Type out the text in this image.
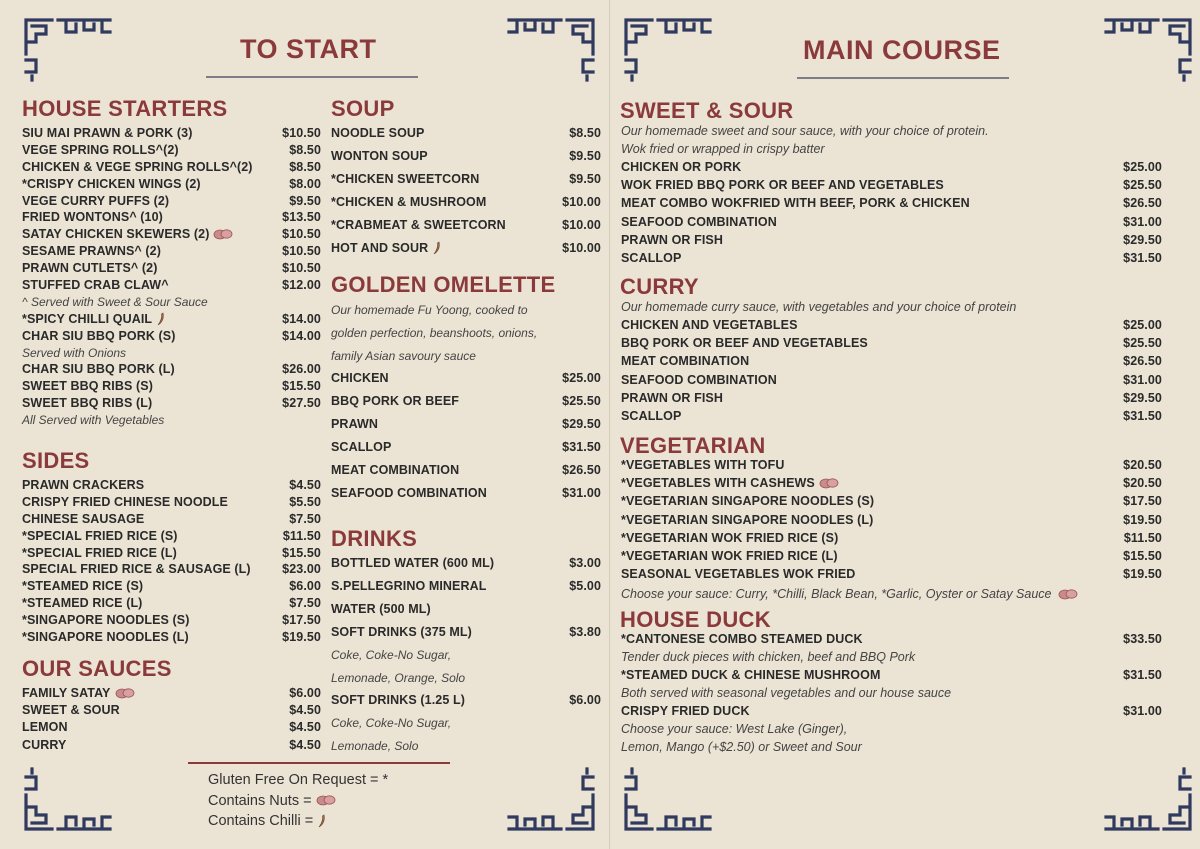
TO START
HOUSE STARTERS
SIU MAI PRAWN & PORK (3)	$10.50
VEGE SPRING ROLLS^(2)	$8.50
CHICKEN & VEGE SPRING ROLLS^(2)	$8.50
*CRISPY CHICKEN WINGS (2)	$8.00
VEGE CURRY PUFFS (2)	$9.50
FRIED WONTONS^ (10)	$13.50
SATAY CHICKEN SKEWERS (2)	$10.50
SESAME PRAWNS^ (2)	$10.50
PRAWN CUTLETS^ (2)	$10.50
STUFFED CRAB CLAW^	$12.00
^ Served with Sweet & Sour Sauce
*SPICY CHILLI QUAIL	$14.00
CHAR SIU BBQ PORK (S)	$14.00
Served with Onions
CHAR SIU BBQ PORK (L)	$26.00
SWEET BBQ RIBS (S)	$15.50
SWEET BBQ RIBS (L)	$27.50
All Served with Vegetables
SIDES
PRAWN CRACKERS	$4.50
CRISPY FRIED CHINESE NOODLE	$5.50
CHINESE SAUSAGE	$7.50
*SPECIAL FRIED RICE (S)	$11.50
*SPECIAL FRIED RICE (L)	$15.50
SPECIAL FRIED RICE & SAUSAGE (L)	$23.00
*STEAMED RICE (S)	$6.00
*STEAMED RICE (L)	$7.50
*SINGAPORE NOODLES (S)	$17.50
*SINGAPORE NOODLES (L)	$19.50
OUR SAUCES
FAMILY SATAY	$6.00
SWEET & SOUR	$4.50
LEMON	$4.50
CURRY	$4.50
SOUP
NOODLE SOUP	$8.50
WONTON SOUP	$9.50
*CHICKEN SWEETCORN	$9.50
*CHICKEN & MUSHROOM	$10.00
*CRABMEAT & SWEETCORN	$10.00
HOT AND SOUR	$10.00
GOLDEN OMELETTE
Our homemade Fu Yoong, cooked to
golden perfection, beanshoots, onions,
family Asian savoury sauce
CHICKEN	$25.00
BBQ PORK OR BEEF	$25.50
PRAWN	$29.50
SCALLOP	$31.50
MEAT COMBINATION	$26.50
SEAFOOD COMBINATION	$31.00
DRINKS
BOTTLED WATER (600 ML)	$3.00
S.PELLEGRINO MINERAL	$5.00
WATER (500 ML)
SOFT DRINKS (375 ML)	$3.80
Coke, Coke-No Sugar,
Lemonade, Orange, Solo
SOFT DRINKS (1.25 L)	$6.00
Coke, Coke-No Sugar,
Lemonade, Solo
Gluten Free On Request = *
Contains Nuts =
Contains Chilli =
MAIN COURSE
SWEET & SOUR
Our homemade sweet and sour sauce, with your choice of protein.
Wok fried or wrapped in crispy batter
CHICKEN OR PORK	$25.00
WOK FRIED BBQ PORK OR BEEF AND VEGETABLES	$25.50
MEAT COMBO WOKFRIED WITH BEEF, PORK & CHICKEN	$26.50
SEAFOOD COMBINATION	$31.00
PRAWN OR FISH	$29.50
SCALLOP	$31.50
CURRY
Our homemade curry sauce, with vegetables and your choice of protein
CHICKEN AND VEGETABLES	$25.00
BBQ PORK OR BEEF AND VEGETABLES	$25.50
MEAT COMBINATION	$26.50
SEAFOOD COMBINATION	$31.00
PRAWN OR FISH	$29.50
SCALLOP	$31.50
VEGETARIAN
*VEGETABLES WITH TOFU	$20.50
*VEGETABLES WITH CASHEWS	$20.50
*VEGETARIAN SINGAPORE NOODLES (S)	$17.50
*VEGETARIAN SINGAPORE NOODLES (L)	$19.50
*VEGETARIAN WOK FRIED RICE (S)	$11.50
*VEGETARIAN WOK FRIED RICE (L)	$15.50
SEASONAL VEGETABLES WOK FRIED	$19.50
Choose your sauce: Curry, *Chilli, Black Bean, *Garlic, Oyster or Satay Sauce
HOUSE DUCK
*CANTONESE COMBO STEAMED DUCK	$33.50
Tender duck pieces with chicken, beef and BBQ Pork
*STEAMED DUCK & CHINESE MUSHROOM	$31.50
Both served with seasonal vegetables and our house sauce
CRISPY FRIED DUCK	$31.00
Choose your sauce: West Lake (Ginger),
Lemon, Mango (+$2.50) or Sweet and Sour
